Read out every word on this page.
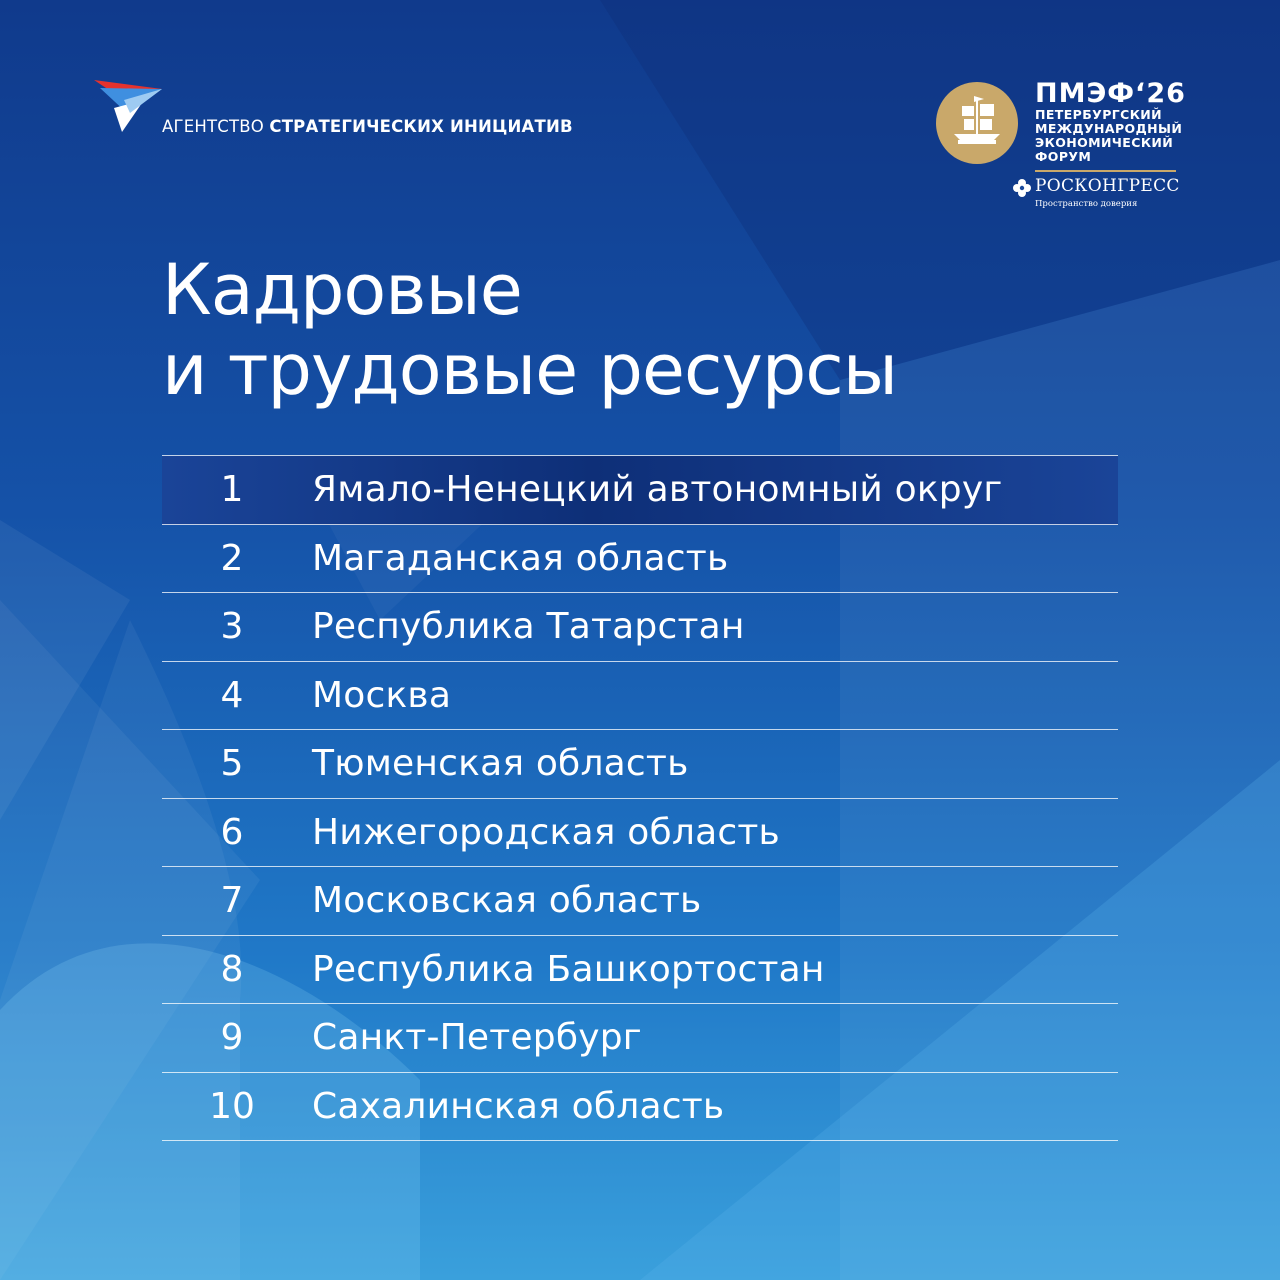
АГЕНТСТВО СТРАТЕГИЧЕСКИХ ИНИЦИАТИВ
ПМЭФ‘26
ПЕТЕРБУРГСКИЙ
МЕЖДУНАРОДНЫЙ
ЭКОНОМИЧЕСКИЙ
ФОРУМ
РОСКОНГРЕСС
Пространство доверия
Кадровые
и трудовые ресурсы
1	Ямало-Ненецкий автономный округ
2	Магаданская область
3	Республика Татарстан
4	Москва
5	Тюменская область
6	Нижегородская область
7	Московская область
8	Республика Башкортостан
9	Санкт-Петербург
10	Сахалинская область
